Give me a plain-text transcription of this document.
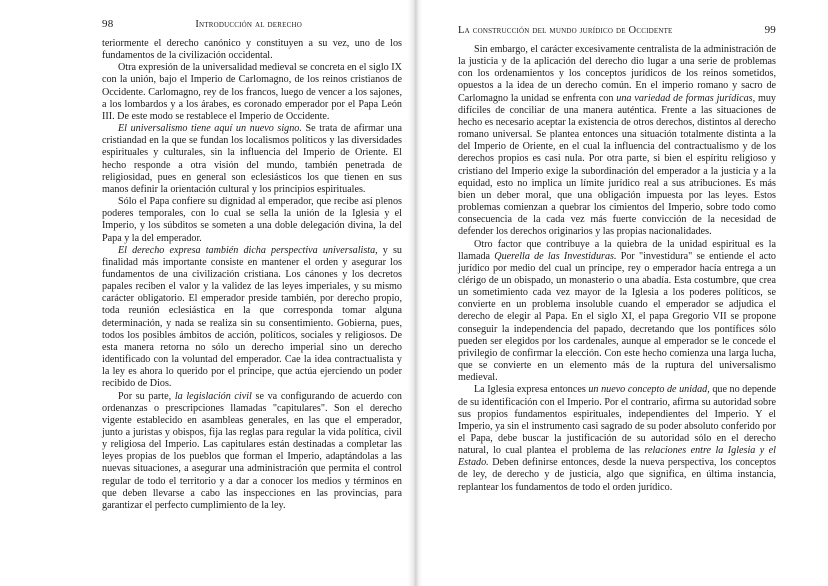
98	Introducción al derecho

teriormente el derecho canónico y constituyen a su vez, uno de los fundamentos de la civilización occidental.

Otra expresión de la universalidad medieval se concreta en el siglo IX con la unión, bajo el Imperio de Carlomagno, de los reinos cristianos de Occidente. Carlomagno, rey de los francos, luego de vencer a los sajones, a los lombardos y a los árabes, es coronado emperador por el Papa León III. De este modo se restablece el Imperio de Occidente.

El universalismo tiene aquí un nuevo signo. Se trata de afirmar una cristiandad en la que se fundan los localismos políticos y las diversidades espirituales y culturales, sin la influencia del Imperio de Oriente. El hecho responde a otra visión del mundo, también penetrada de religiosidad, pues en general son eclesiásticos los que tienen en sus manos definir la orientación cultural y los principios espirituales.

Sólo el Papa confiere su dignidad al emperador, que recibe así plenos poderes temporales, con lo cual se sella la unión de la Iglesia y el Imperio, y los súbditos se someten a una doble delegación divina, la del Papa y la del emperador.

El derecho expresa también dicha perspectiva universalista, y su finalidad más importante consiste en mantener el orden y asegurar los fundamentos de una civilización cristiana. Los cánones y los decretos papales reciben el valor y la validez de las leyes imperiales, y su mismo carácter obligatorio. El emperador preside también, por derecho propio, toda reunión eclesiástica en la que corresponda tomar alguna determinación, y nada se realiza sin su consentimiento. Gobierna, pues, todos los posibles ámbitos de acción, políticos, sociales y religiosos. De esta manera retorna no sólo un derecho imperial sino un derecho identificado con la voluntad del emperador. Cae la idea contractualista y la ley es ahora lo querido por el príncipe, que actúa ejerciendo un poder recibido de Dios.

Por su parte, la legislación civil se va configurando de acuerdo con ordenanzas o prescripciones llamadas "capitulares". Son el derecho vigente establecido en asambleas generales, en las que el emperador, junto a juristas y obispos, fija las reglas para regular la vida política, civil y religiosa del Imperio. Las capitulares están destinadas a completar las leyes propias de los pueblos que forman el Imperio, adaptándolas a las nuevas situaciones, a asegurar una administración que permita el control regular de todo el territorio y a dar a conocer los medios y términos en que deben llevarse a cabo las inspecciones en las provincias, para garantizar el perfecto cumplimiento de la ley.

La construcción del mundo jurídico de Occidente	99

Sin embargo, el carácter excesivamente centralista de la administración de la justicia y de la aplicación del derecho dio lugar a una serie de problemas con los ordenamientos y los conceptos jurídicos de los reinos sometidos, opuestos a la idea de un derecho común. En el imperio romano y sacro de Carlomagno la unidad se enfrenta con una variedad de formas jurídicas, muy difíciles de conciliar de una manera auténtica. Frente a las situaciones de hecho es necesario aceptar la existencia de otros derechos, distintos al derecho romano universal. Se plantea entonces una situación totalmente distinta a la del Imperio de Oriente, en el cual la influencia del contractualismo y de los derechos propios es casi nula. Por otra parte, si bien el espíritu religioso y cristiano del Imperio exige la subordinación del emperador a la justicia y a la equidad, esto no implica un límite jurídico real a sus atribuciones. Es más bien un deber moral, que una obligación impuesta por las leyes. Estos problemas comienzan a quebrar los cimientos del Imperio, sobre todo como consecuencia de la cada vez más fuerte convicción de la necesidad de defender los derechos originarios y las propias nacionalidades.

Otro factor que contribuye a la quiebra de la unidad espiritual es la llamada Querella de las Investiduras. Por "investidura" se entiende el acto jurídico por medio del cual un príncipe, rey o emperador hacía entrega a un clérigo de un obispado, un monasterio o una abadía. Esta costumbre, que crea un sometimiento cada vez mayor de la Iglesia a los poderes políticos, se convierte en un problema insoluble cuando el emperador se adjudica el derecho de elegir al Papa. En el siglo XI, el papa Gregorio VII se propone conseguir la independencia del papado, decretando que los pontífices sólo pueden ser elegidos por los cardenales, aunque al emperador se le concede el privilegio de confirmar la elección. Con este hecho comienza una larga lucha, que se convierte en un elemento más de la ruptura del universalismo medieval.

La Iglesia expresa entonces un nuevo concepto de unidad, que no depende de su identificación con el Imperio. Por el contrario, afirma su autoridad sobre sus propios fundamentos espirituales, independientes del Imperio. Y el Imperio, ya sin el instrumento casi sagrado de su poder absoluto conferido por el Papa, debe buscar la justificación de su autoridad sólo en el derecho natural, lo cual plantea el problema de las relaciones entre la Iglesia y el Estado. Deben definirse entonces, desde la nueva perspectiva, los conceptos de ley, de derecho y de justicia, algo que significa, en última instancia, replantear los fundamentos de todo el orden jurídico.
